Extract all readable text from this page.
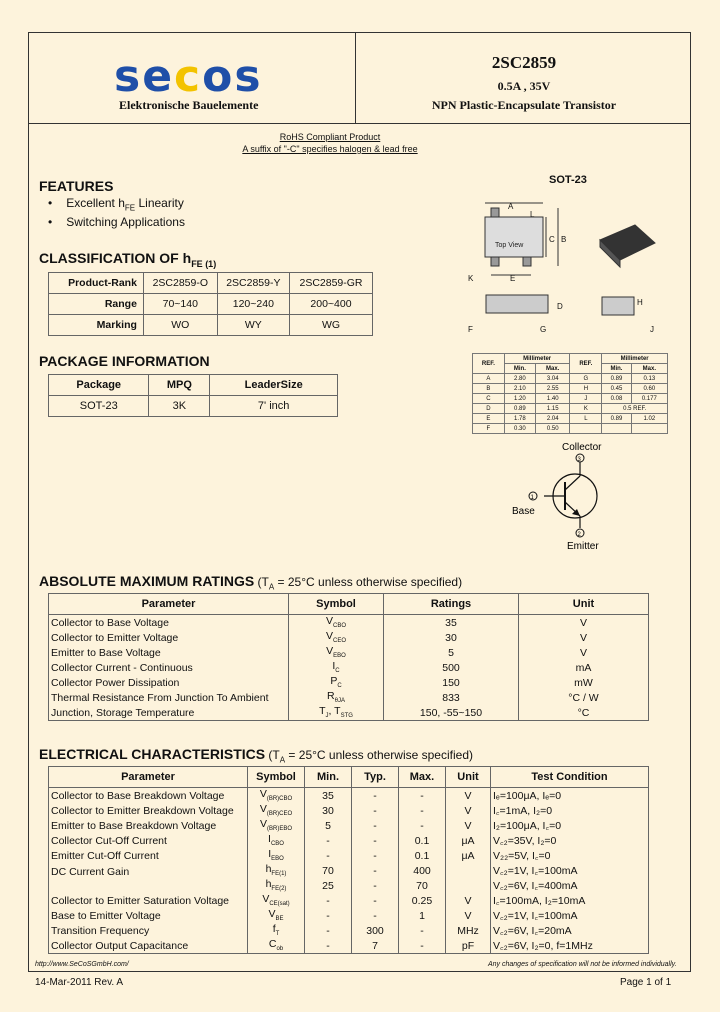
secos
Elektronische Bauelemente
2SC2859
0.5A , 35V
NPN Plastic-Encapsulate Transistor
RoHS Compliant Product
A suffix of "-C" specifies halogen & lead free
FEATURES
• Excellent $h_{FE}$ Linearity
• Switching Applications
CLASSIFICATION OF $h_{FE (1)}$
Product-Rank	2SC2859-O	2SC2859-Y	2SC2859-GR
Range	70~140	120~240	200~400
Marking	WO	WY	WG
PACKAGE INFORMATION
Package	MPQ	LeaderSize
SOT-23	3K	7' inch
SOT-23
Top View
A
L
C B
K	E
D	H
F	G	J
REF.	Millimeter		REF.	Millimeter	
	Min.	Max.		Min.	Max.
A	2.80	3.04	G	0.89	0.13
B	2.10	2.55	H	0.45	0.60
C	1.20	1.40	J	0.08	0.177
D	0.89	1.15	K	0.5 REF.	
E	1.78	2.04	L	0.89	1.02
F	0.30	0.50			
3
1
2
Collector
Base
Emitter
ABSOLUTE MAXIMUM RATINGS ($T_A = 25^\circ C$ unless otherwise specified)
Parameter	Symbol	Ratings	Unit
Collector to Base Voltage	$V_{CBO}$	35	V
Collector to Emitter Voltage	$V_{CEO}$	30	V
Emitter to Base Voltage	$V_{EBO}$	5	V
Collector Current - Continuous	$I_C$	500	mA
Collector Power Dissipation	$P_C$	150	mW
Thermal Resistance From Junction To Ambient	$R_{\theta JA}$	833	°C / W
Junction, Storage Temperature	$T_J$, $T_{STG}$	150, -55~150	°C
ELECTRICAL CHARACTERISTICS ($T_A = 25^\circ C$ unless otherwise specified)
Parameter	Symbol	Min.	Typ.	Max.	Unit	Test Condition
Collector to Base Breakdown Voltage	$V_{(BR)CBO}$	35	-	-	V	Iₑ=100μA, Iₑ=0
Collector to Emitter Breakdown Voltage	$V_{(BR)CEO}$	30	-	-	V	I꜀=1mA, I₂=0
Emitter to Base Breakdown Voltage	$V_{(BR)EBO}$	5	-	-	V	I₂=100μA, I꜀=0
Collector Cut-Off Current	$I_{CBO}$	-	-	0.1	μA	V꜀₂=35V, I₂=0
Emitter Cut-Off Current	$I_{EBO}$	-	-	0.1	μA	V₂₂=5V, I꜀=0
DC Current Gain	$h_{FE(1)}$	70	-	400		V꜀₂=1V, I꜀=100mA
	$h_{FE(2)}$	25	-	70		V꜀₂=6V, I꜀=400mA
Collector to Emitter Saturation Voltage	$V_{CE(sat)}$	-	-	0.25	V	I꜀=100mA, I₂=10mA
Base to Emitter Voltage	$V_{BE}$	-	-	1	V	V꜀₂=1V, I꜀=100mA
Transition Frequency	$f_T$	-	300	-	MHz	V꜀₂=6V, I꜀=20mA
Collector Output Capacitance	$C_{ob}$	-	7	-	pF	V꜀₂=6V, I₂=0, f=1MHz
http://www.SeCoSGmbH.com/	Any changes of specification will not be informed individually.
14-Mar-2011 Rev. A	Page 1 of 1
